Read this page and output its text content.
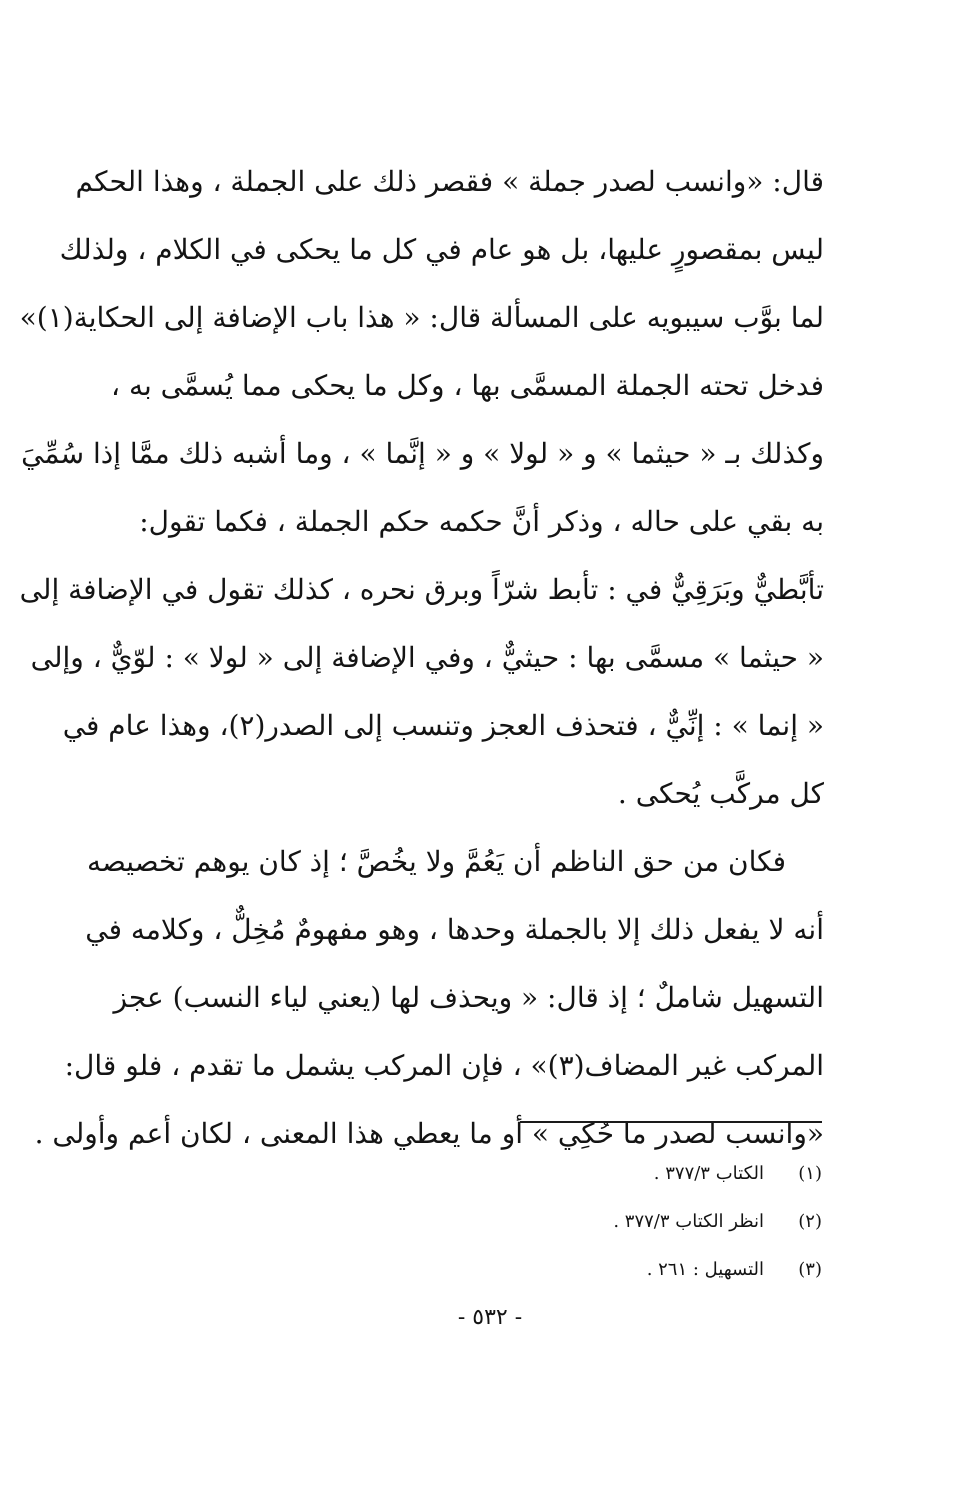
قال: «وانسب لصدر جملة » فقصر ذلك على الجملة ، وهذا الحكم
ليس بمقصورٍ عليها، بل هو عام في كل ما يحكى في الكلام ، ولذلك
لما بوَّب سيبويه على المسألة قال: « هذا باب الإضافة إلى الحكاية(١)»
فدخل تحته الجملة المسمَّى بها ، وكل ما يحكى مما يُسمَّى به ،
وكذلك بـ « حيثما » و « لولا » و « إنَّما » ، وما أشبه ذلك ممَّا إذا سُمِّيَ
به بقي على حاله ، وذكر أنَّ حكمه حكم الجملة ، فكما تقول:
تأبَّطيٌّ وبَرَقِيٌّ في : تأبط شرّاً وبرق نحره ، كذلك تقول في الإضافة إلى
« حيثما » مسمَّى بها : حيثيٌّ ، وفي الإضافة إلى « لولا » : لوّيٌّ ، وإلى
« إنما » : إنِّيٌّ ، فتحذف العجز وتنسب إلى الصدر(٢)، وهذا عام في
كل مركَّب يُحكى .
فكان من حق الناظم أن يَعُمَّ ولا يخُصَّ ؛ إذ كان يوهم تخصيصه
أنه لا يفعل ذلك إلا بالجملة وحدها ، وهو مفهومٌ مُخِلٌّ ، وكلامه في
التسهيل شاملٌ ؛ إذ قال: « ويحذف لها (يعني لياء النسب) عجز
المركب غير المضاف(٣)» ، فإن المركب يشمل ما تقدم ، فلو قال:
«وانسب لصدر ما حُكِي » أو ما يعطي هذا المعنى ، لكان أعم وأولى .
(١)
الكتاب ٣٧٧/٣ .
(٢)
انظر الكتاب ٣٧٧/٣ .
(٣)
التسهيل : ٢٦١ .
- ٥٣٢ -
